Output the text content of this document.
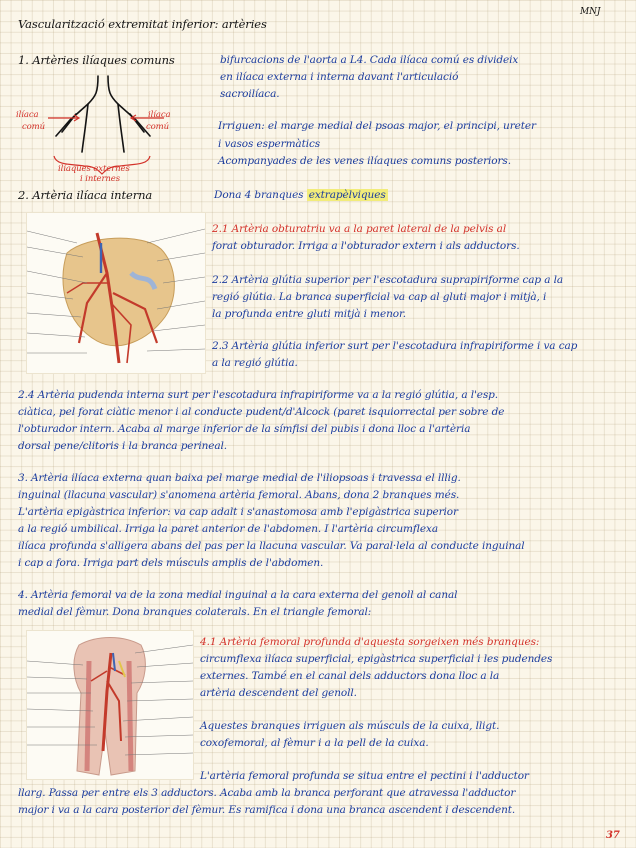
Vascularització extremitat inferior: artèries
MNJ
1. Artèries ilíaques comuns	bifurcacions de l'aorta a L4. Cada ilíaca comú es divideix
en ilíaca externa i interna davant l'articulació
sacroilíaca.
Irriguen: el marge medial del psoas major, el principi, ureter
i vasos espermàtics
Acompanyades de les venes ilíaques comuns posteriors.
ilíaca
comú
ilíaca
comú
ilíaques externes
i internes
2. Artèria ilíaca interna	Dona 4 branques extrapèlviques
2.1 Artèria obturatriu va a la paret lateral de la pelvis al
forat obturador. Irriga a l'obturador extern i als adductors.
2.2 Artèria glútia superior per l'escotadura suprapiriforme cap a la
regió glútia. La branca superficial va cap al gluti major i mitjà, i
la profunda entre gluti mitjà i menor.
2.3 Artèria glútia inferior surt per l'escotadura infrapiriforme i va cap
a la regió glútia.
2.4 Artèria pudenda interna surt per l'escotadura infrapiriforme va a la regió glútia, a l'esp.
ciàtica, pel forat ciàtic menor i al conducte pudent/d'Alcock (paret isquiorrectal per sobre de
l'obturador intern. Acaba al marge inferior de la símfisi del pubis i dona lloc a l'artèria
dorsal pene/clitoris i la branca perineal.
3. Artèria ilíaca externa quan baixa pel marge medial de l'iliopsoas i travessa el lllig.
inguinal (llacuna vascular) s'anomena artèria femoral. Abans, dona 2 branques més.
L'artèria epigàstrica inferior: va cap adalt i s'anastomosa amb l'epigàstrica superior
a la regió umbilical. Irriga la paret anterior de l'abdomen. I l'artèria circumflexa
ilíaca profunda s'alligera abans del pas per la llacuna vascular. Va paral·lela al conducte inguinal
i cap a fora. Irriga part dels músculs amplis de l'abdomen.
4. Artèria femoral va de la zona medial inguinal a la cara externa del genoll al canal
medial del fèmur. Dona branques colaterals. En el triangle femoral:
4.1 Artèria femoral profunda d'aquesta sorgeixen més branques:
circumflexa ilíaca superficial, epigàstrica superficial i les pudendes
externes. També en el canal dels adductors dona lloc a la
artèria descendent del genoll.
Aquestes branques irriguen als músculs de la cuixa, lligt.
coxofemoral, al fèmur i a la pell de la cuixa.
L'artèria femoral profunda se situa entre el pectini i l'adductor
llarg. Passa per entre els 3 adductors. Acaba amb la branca perforant que atravessa l'adductor
major i va a la cara posterior del fèmur. Es ramifica i dona una branca ascendent i descendent.
37
